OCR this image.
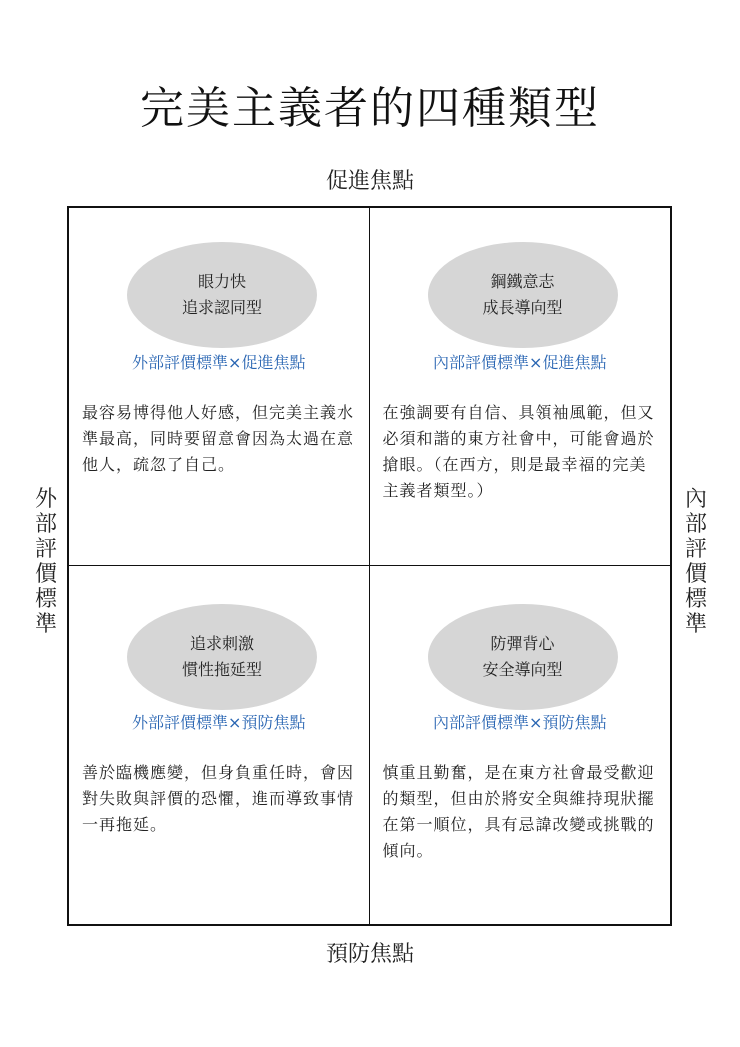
完美主義者的四種類型
促進焦點
外
部
評
價
標
準
內
部
評
價
標
準
眼力快
追求認同型
外部評價標準×促進焦點
最容易博得他人好感，但完美主義水準最高，同時要留意會因為太過在意他人，疏忽了自己。
鋼鐵意志
成長導向型
內部評價標準×促進焦點
在強調要有自信、具領袖風範，但又必須和諧的東方社會中，可能會過於搶眼。（在西方，則是最幸福的完美主義者類型。）
追求刺激
慣性拖延型
外部評價標準×預防焦點
善於臨機應變，但身負重任時，會因對失敗與評價的恐懼，進而導致事情一再拖延。
防彈背心
安全導向型
內部評價標準×預防焦點
慎重且勤奮，是在東方社會最受歡迎的類型，但由於將安全與維持現狀擺在第一順位，具有忌諱改變或挑戰的傾向。
預防焦點
